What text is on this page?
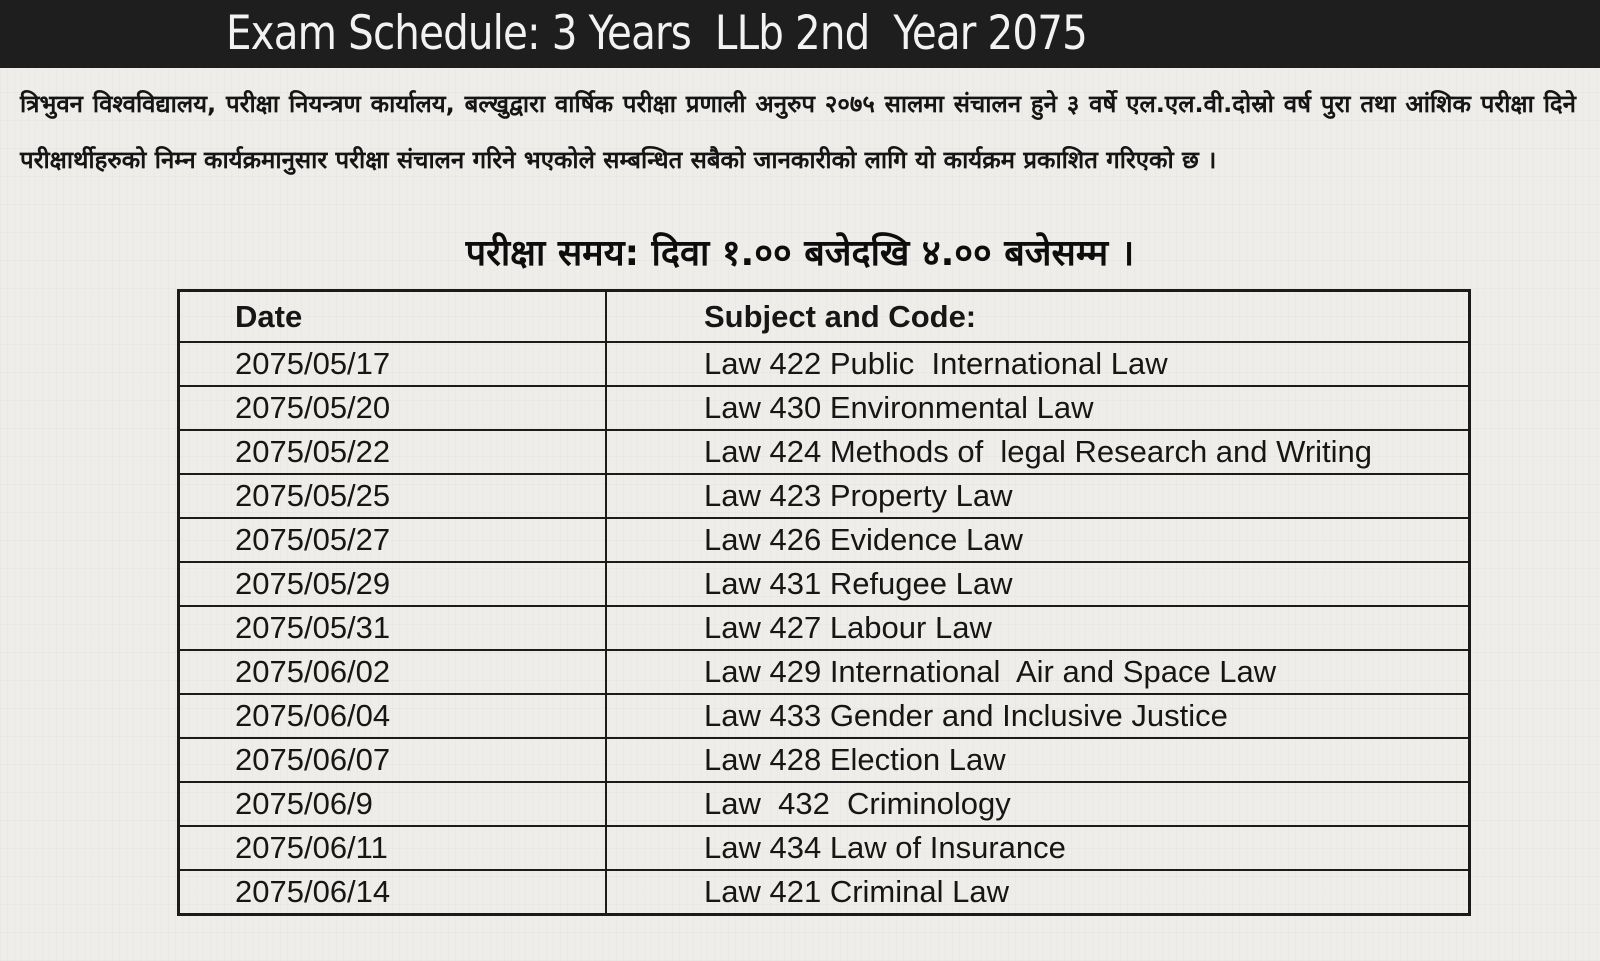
Exam Schedule: 3 Years  LLb 2nd  Year 2075
त्रिभुवन विश्वविद्यालय, परीक्षा नियन्त्रण कार्यालय, बल्खुद्वारा वार्षिक परीक्षा प्रणाली अनुरुप २०७५ सालमा संचालन हुने ३ वर्षे एल.एल.वी.दोस्रो वर्ष पुरा तथा आंशिक परीक्षा दिने परीक्षार्थीहरुको निम्न कार्यक्रमानुसार परीक्षा संचालन गरिने भएकोले सम्बन्धित सबैको जानकारीको लागि यो कार्यक्रम प्रकाशित गरिएको छ ।
परीक्षा समय: दिवा १.०० बजेदखि ४.०० बजेसम्म ।
Date	Subject and Code:
2075/05/17	Law 422 Public  International Law
2075/05/20	Law 430 Environmental Law
2075/05/22	Law 424 Methods of  legal Research and Writing
2075/05/25	Law 423 Property Law
2075/05/27	Law 426 Evidence Law
2075/05/29	Law 431 Refugee Law
2075/05/31	Law 427 Labour Law
2075/06/02	Law 429 International  Air and Space Law
2075/06/04	Law 433 Gender and Inclusive Justice
2075/06/07	Law 428 Election Law
2075/06/9	Law  432  Criminology
2075/06/11	Law 434 Law of Insurance
2075/06/14	Law 421 Criminal Law
